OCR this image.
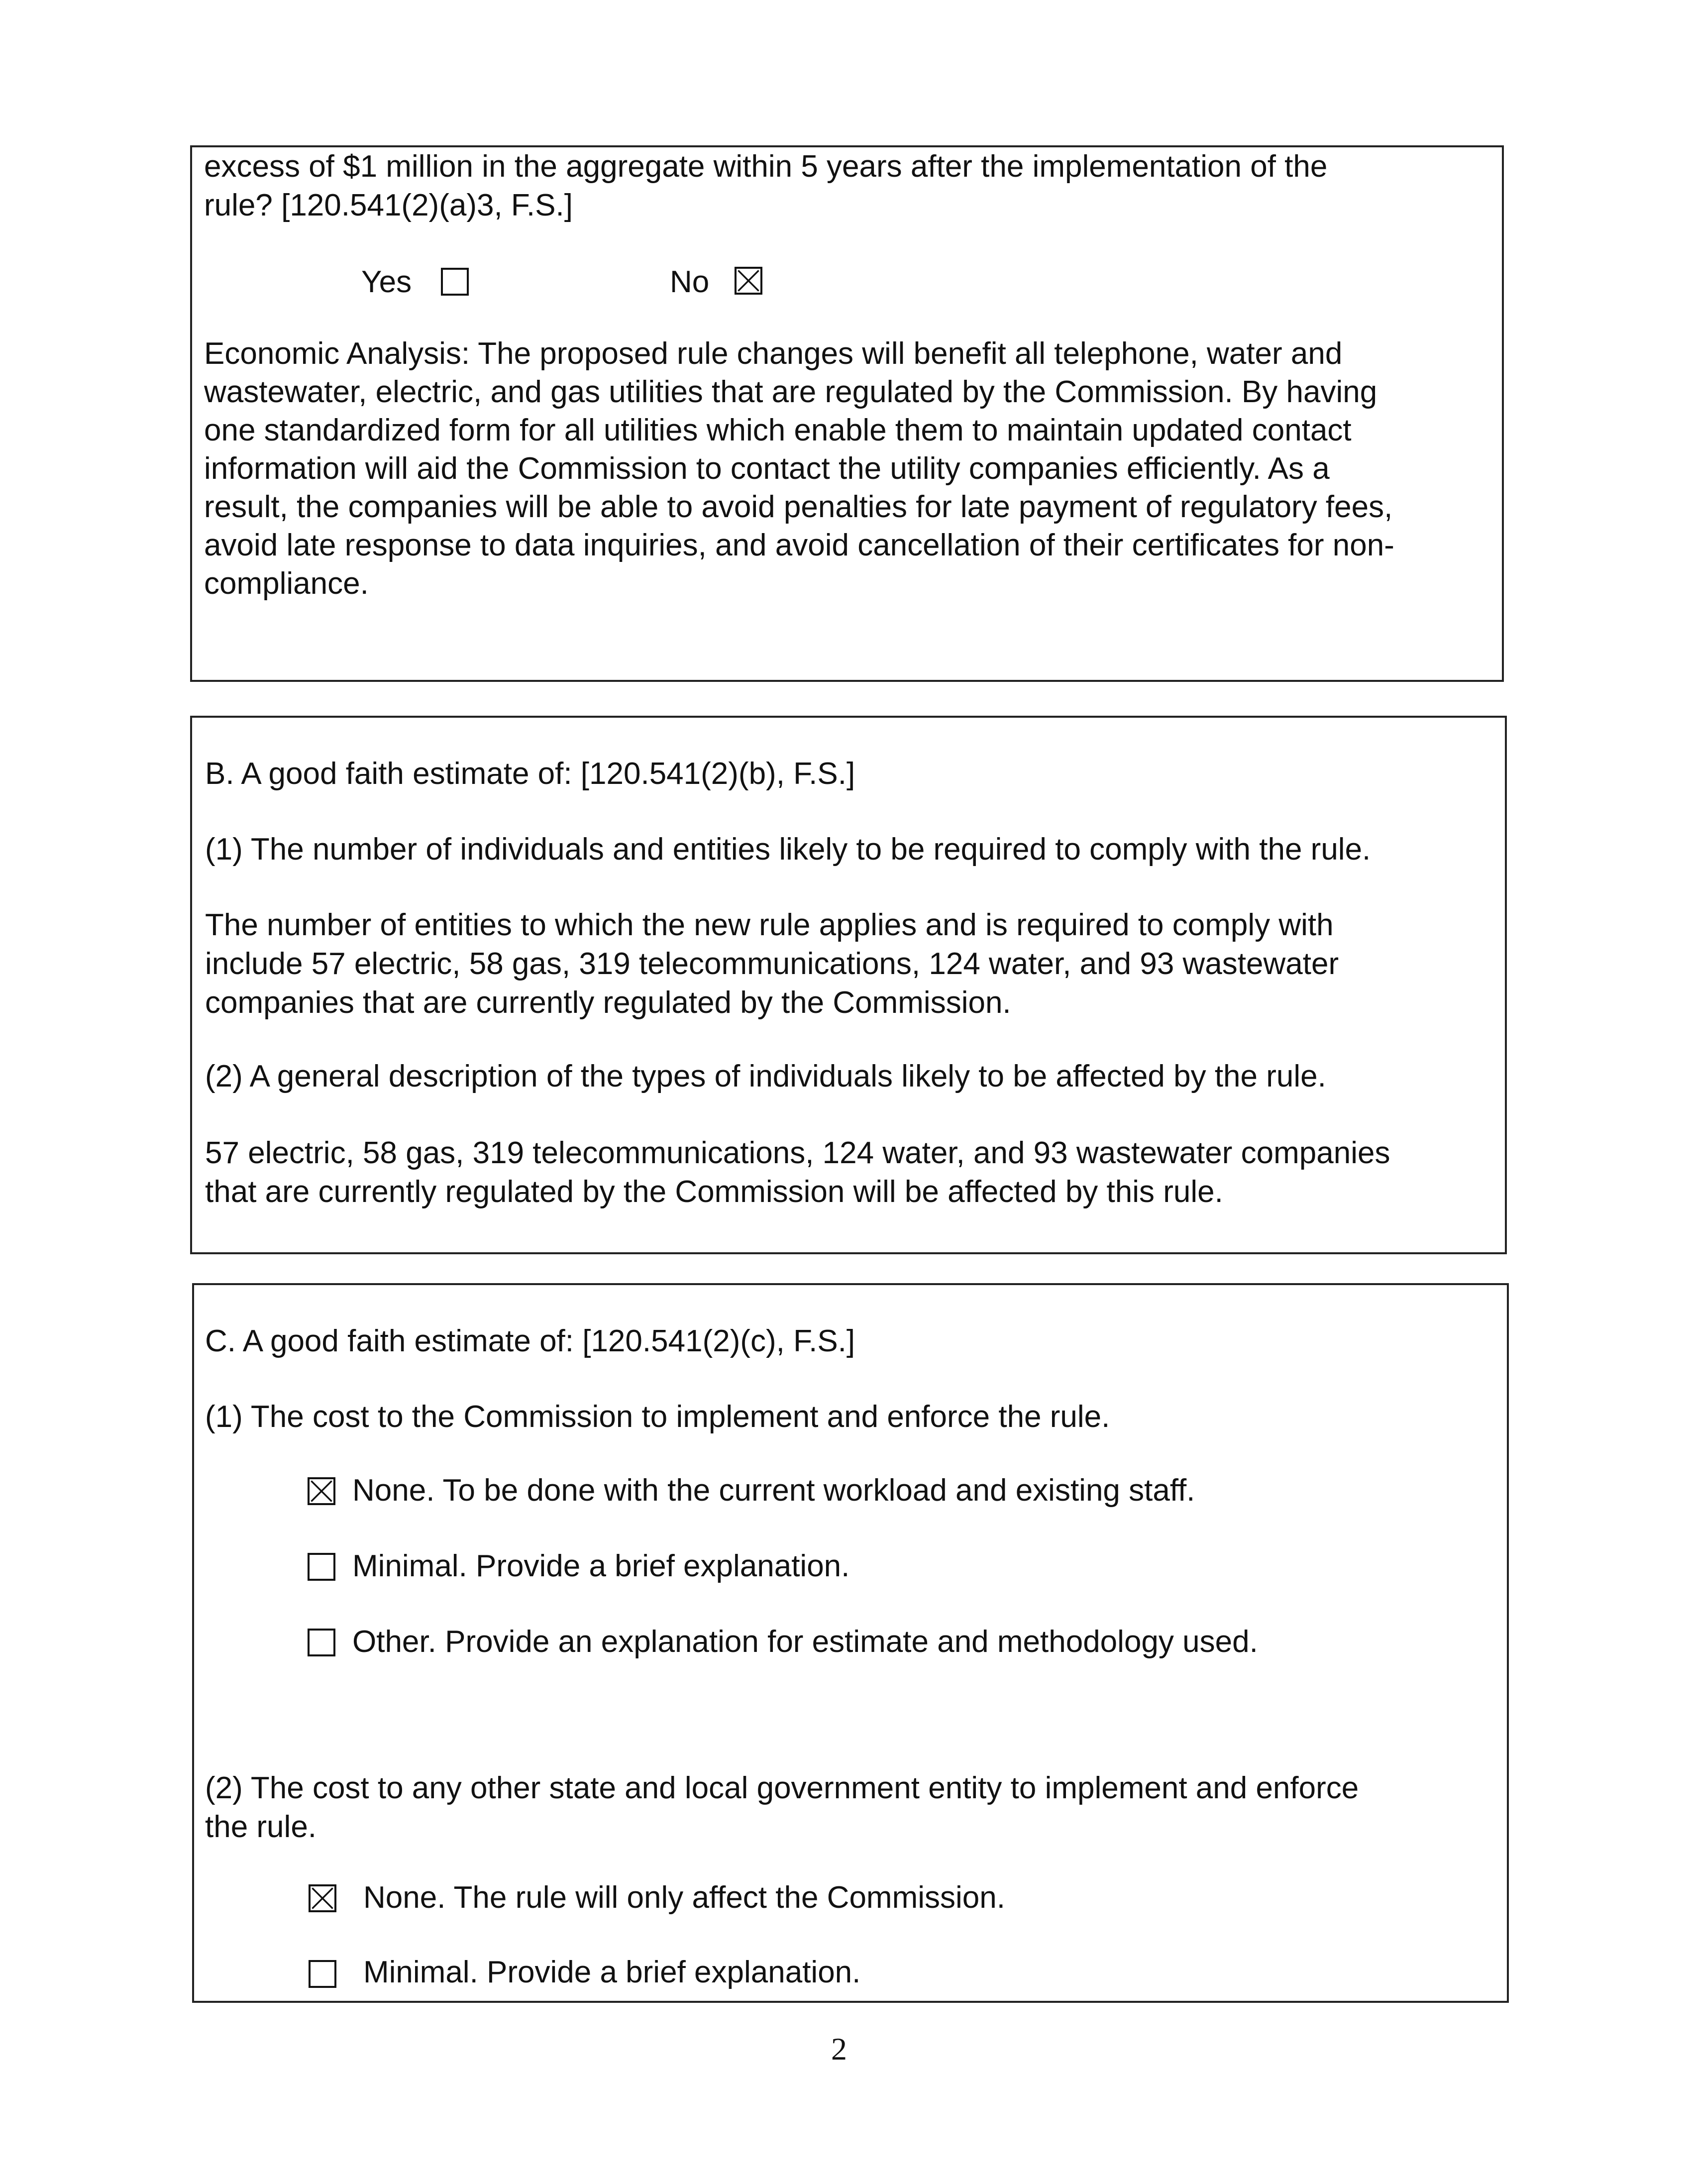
excess of $1 million in the aggregate within 5 years after the implementation of the
rule? [120.541(2)(a)3, F.S.]

Yes	No

Economic Analysis: The proposed rule changes will benefit all telephone, water and
wastewater, electric, and gas utilities that are regulated by the Commission. By having
one standardized form for all utilities which enable them to maintain updated contact
information will aid the Commission to contact the utility companies efficiently. As a
result, the companies will be able to avoid penalties for late payment of regulatory fees,
avoid late response to data inquiries, and avoid cancellation of their certificates for non-
compliance.

B. A good faith estimate of: [120.541(2)(b), F.S.]

(1) The number of individuals and entities likely to be required to comply with the rule.

The number of entities to which the new rule applies and is required to comply with
include 57 electric, 58 gas, 319 telecommunications, 124 water, and 93 wastewater
companies that are currently regulated by the Commission.

(2) A general description of the types of individuals likely to be affected by the rule.

57 electric, 58 gas, 319 telecommunications, 124 water, and 93 wastewater companies
that are currently regulated by the Commission will be affected by this rule.

C. A good faith estimate of: [120.541(2)(c), F.S.]

(1) The cost to the Commission to implement and enforce the rule.

None. To be done with the current workload and existing staff.
Minimal. Provide a brief explanation.
Other. Provide an explanation for estimate and methodology used.

(2) The cost to any other state and local government entity to implement and enforce
the rule.

None. The rule will only affect the Commission.
Minimal. Provide a brief explanation.
2
